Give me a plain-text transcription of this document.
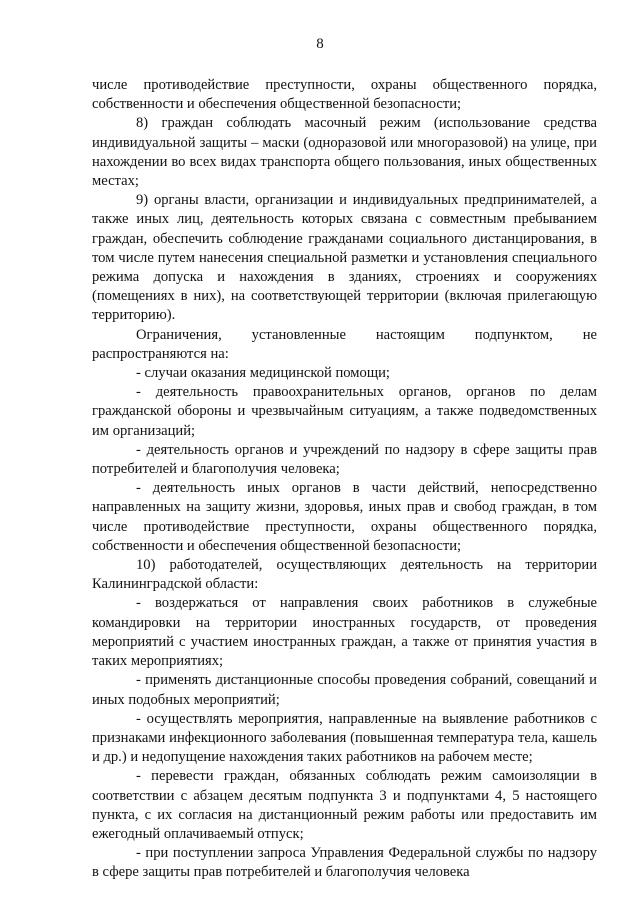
8

числе противодействие преступности, охраны общественного порядка, собственности и обеспечения общественной безопасности;

8) граждан соблюдать масочный режим (использование средства индивидуальной защиты – маски (одноразовой или многоразовой) на улице, при нахождении во всех видах транспорта общего пользования, иных общественных местах;

9) органы власти, организации и индивидуальных предпринимателей, а также иных лиц, деятельность которых связана с совместным пребыванием граждан, обеспечить соблюдение гражданами социального дистанцирования, в том числе путем нанесения специальной разметки и установления специального режима допуска и нахождения в зданиях, строениях и сооружениях (помещениях в них), на соответствующей территории (включая прилегающую территорию).

Ограничения, установленные настоящим подпунктом, не распространяются на:

- случаи оказания медицинской помощи;

- деятельность правоохранительных органов, органов по делам гражданской обороны и чрезвычайным ситуациям, а также подведомственных им организаций;

- деятельность органов и учреждений по надзору в сфере защиты прав потребителей и благополучия человека;

- деятельность иных органов в части действий, непосредственно направленных на защиту жизни, здоровья, иных прав и свобод граждан, в том числе противодействие преступности, охраны общественного порядка, собственности и обеспечения общественной безопасности;

10) работодателей, осуществляющих деятельность на территории Калининградской области:

- воздержаться от направления своих работников в служебные командировки на территории иностранных государств, от проведения мероприятий с участием иностранных граждан, а также от принятия участия в таких мероприятиях;

- применять дистанционные способы проведения собраний, совещаний и иных подобных мероприятий;

- осуществлять мероприятия, направленные на выявление работников с признаками инфекционного заболевания (повышенная температура тела, кашель и др.) и недопущение нахождения таких работников на рабочем месте;

- перевести граждан, обязанных соблюдать режим самоизоляции в соответствии с абзацем десятым подпункта 3 и подпунктами 4, 5 настоящего пункта, с их согласия на дистанционный режим работы или предоставить им ежегодный оплачиваемый отпуск;

- при поступлении запроса Управления Федеральной службы по надзору в сфере защиты прав потребителей и благополучия человека
